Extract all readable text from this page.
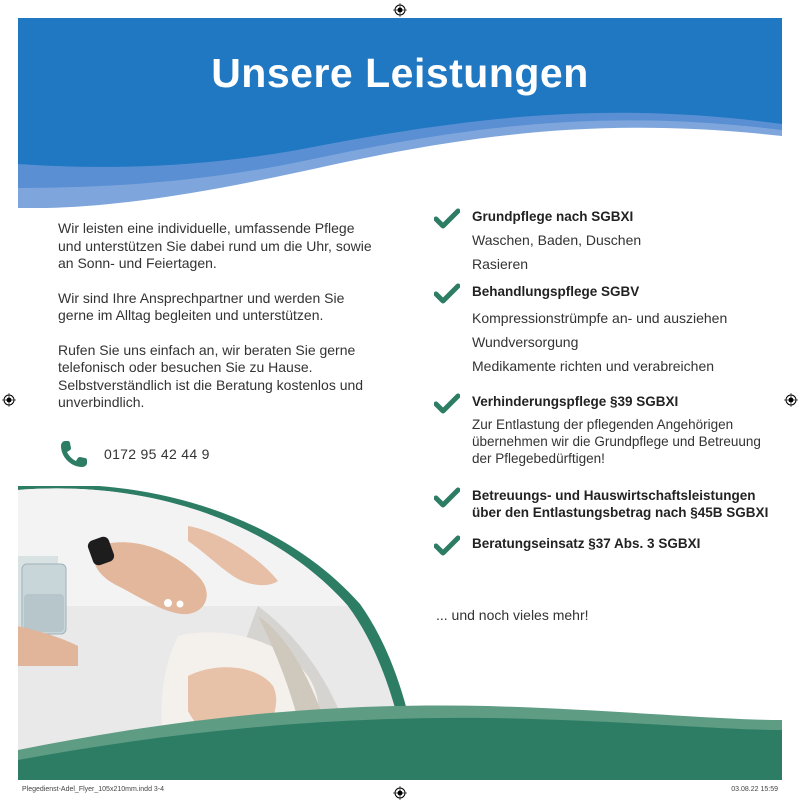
Unsere Leistungen

Wir leisten eine individuelle, umfassende Pflege und unterstützen Sie dabei rund um die Uhr, sowie an Sonn- und Feiertagen.

Wir sind Ihre Ansprechpartner und werden Sie gerne im Alltag begleiten und unterstützen.

Rufen Sie uns einfach an, wir beraten Sie gerne telefonisch oder besuchen Sie zu Hause. Selbstverständlich ist die Beratung kostenlos und unverbindlich.

0172 95 42 44 9
Grundpflege nach SGBXI
Waschen, Baden, Duschen
Rasieren
Behandlungspflege SGBV
Kompressionstrümpfe an- und ausziehen
Wundversorgung
Medikamente richten und verabreichen
Verhinderungspflege §39 SGBXI
Zur Entlastung der pflegenden Angehörigen übernehmen wir die Grundpflege und Betreuung der Pflegebedürftigen!
Betreuungs- und Hauswirtschaftsleistungen über den Entlastungsbetrag nach §45B SGBXI
Beratungseinsatz §37 Abs. 3 SGBXI
... und noch vieles mehr!
Plegedienst-Adel_Flyer_105x210mm.indd 3-4	03.08.22 15:59
